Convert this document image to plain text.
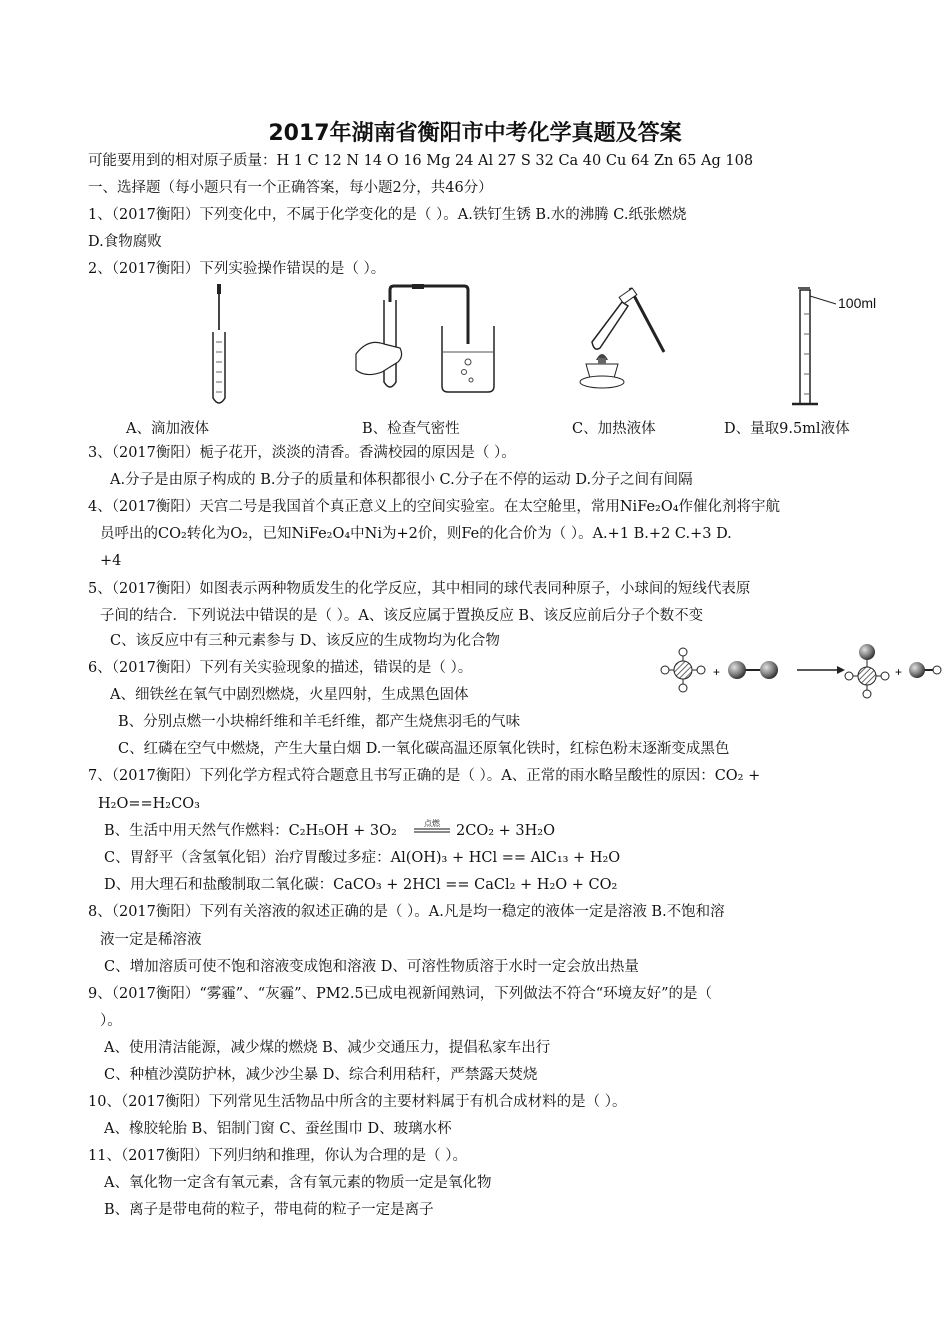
2017年湖南省衡阳市中考化学真题及答案
可能要用到的相对原子质量：H 1 C 12 N 14 O 16 Mg 24 Al 27 S 32 Ca 40 Cu 64 Zn 65 Ag 108
一、选择题（每小题只有一个正确答案，每小题2分，共46分）
1、（2017衡阳）下列变化中，不属于化学变化的是（ ）。A.铁钉生锈 B.水的沸腾 C.纸张燃烧
D.食物腐败
2、（2017衡阳）下列实验操作错误的是（ ）。
100ml
A、滴加液体	B、检查气密性	C、加热液体	D、量取9.5ml液体
3、（2017衡阳）栀子花开，淡淡的清香。香满校园的原因是（ ）。
A.分子是由原子构成的 B.分子的质量和体积都很小 C.分子在不停的运动 D.分子之间有间隔
4、（2017衡阳）天宫二号是我国首个真正意义上的空间实验室。在太空舱里，常用NiFe₂O₄作催化剂将宇航
员呼出的CO₂转化为O₂，已知NiFe₂O₄中Ni为+2价，则Fe的化合价为（ ）。A.+1 B.+2 C.+3 D.
+4
5、（2017衡阳）如图表示两种物质发生的化学反应，其中相同的球代表同种原子，小球间的短线代表原
子间的结合．下列说法中错误的是（ ）。A、该反应属于置换反应 B、该反应前后分子个数不变
C、该反应中有三种元素参与 D、该反应的生成物均为化合物
6、（2017衡阳）下列有关实验现象的描述，错误的是（ ）。	+	+
A、细铁丝在氧气中剧烈燃烧，火星四射，生成黑色固体
B、分别点燃一小块棉纤维和羊毛纤维，都产生烧焦羽毛的气味
C、红磷在空气中燃烧，产生大量白烟 D.一氧化碳高温还原氧化铁时，红棕色粉末逐渐变成黑色
7、（2017衡阳）下列化学方程式符合题意且书写正确的是（ ）。A、正常的雨水略呈酸性的原因：CO₂ +
H₂O==H₂CO₃
B、生活中用天然气作燃料：C₂H₅OH + 3O₂	点燃 2CO₂ + 3H₂O
C、胃舒平（含氢氧化铝）治疗胃酸过多症：Al(OH)₃ + HCl == AlC₁₃ + H₂O
D、用大理石和盐酸制取二氧化碳：CaCO₃ + 2HCl == CaCl₂ + H₂O + CO₂
8、（2017衡阳）下列有关溶液的叙述正确的是（ ）。A.凡是均一稳定的液体一定是溶液 B.不饱和溶
液一定是稀溶液
C、增加溶质可使不饱和溶液变成饱和溶液 D、可溶性物质溶于水时一定会放出热量
9、（2017衡阳）“雾霾”、“灰霾”、PM2.5已成电视新闻熟词，下列做法不符合“环境友好”的是（
）。
A、使用清洁能源，减少煤的燃烧 B、减少交通压力，提倡私家车出行
C、种植沙漠防护林，减少沙尘暴 D、综合利用秸秆，严禁露天焚烧
10、（2017衡阳）下列常见生活物品中所含的主要材料属于有机合成材料的是（ ）。
A、橡胶轮胎 B、铝制门窗 C、蚕丝围巾 D、玻璃水杯
11、（2017衡阳）下列归纳和推理，你认为合理的是（ ）。
A、氧化物一定含有氧元素，含有氧元素的物质一定是氧化物
B、离子是带电荷的粒子，带电荷的粒子一定是离子
